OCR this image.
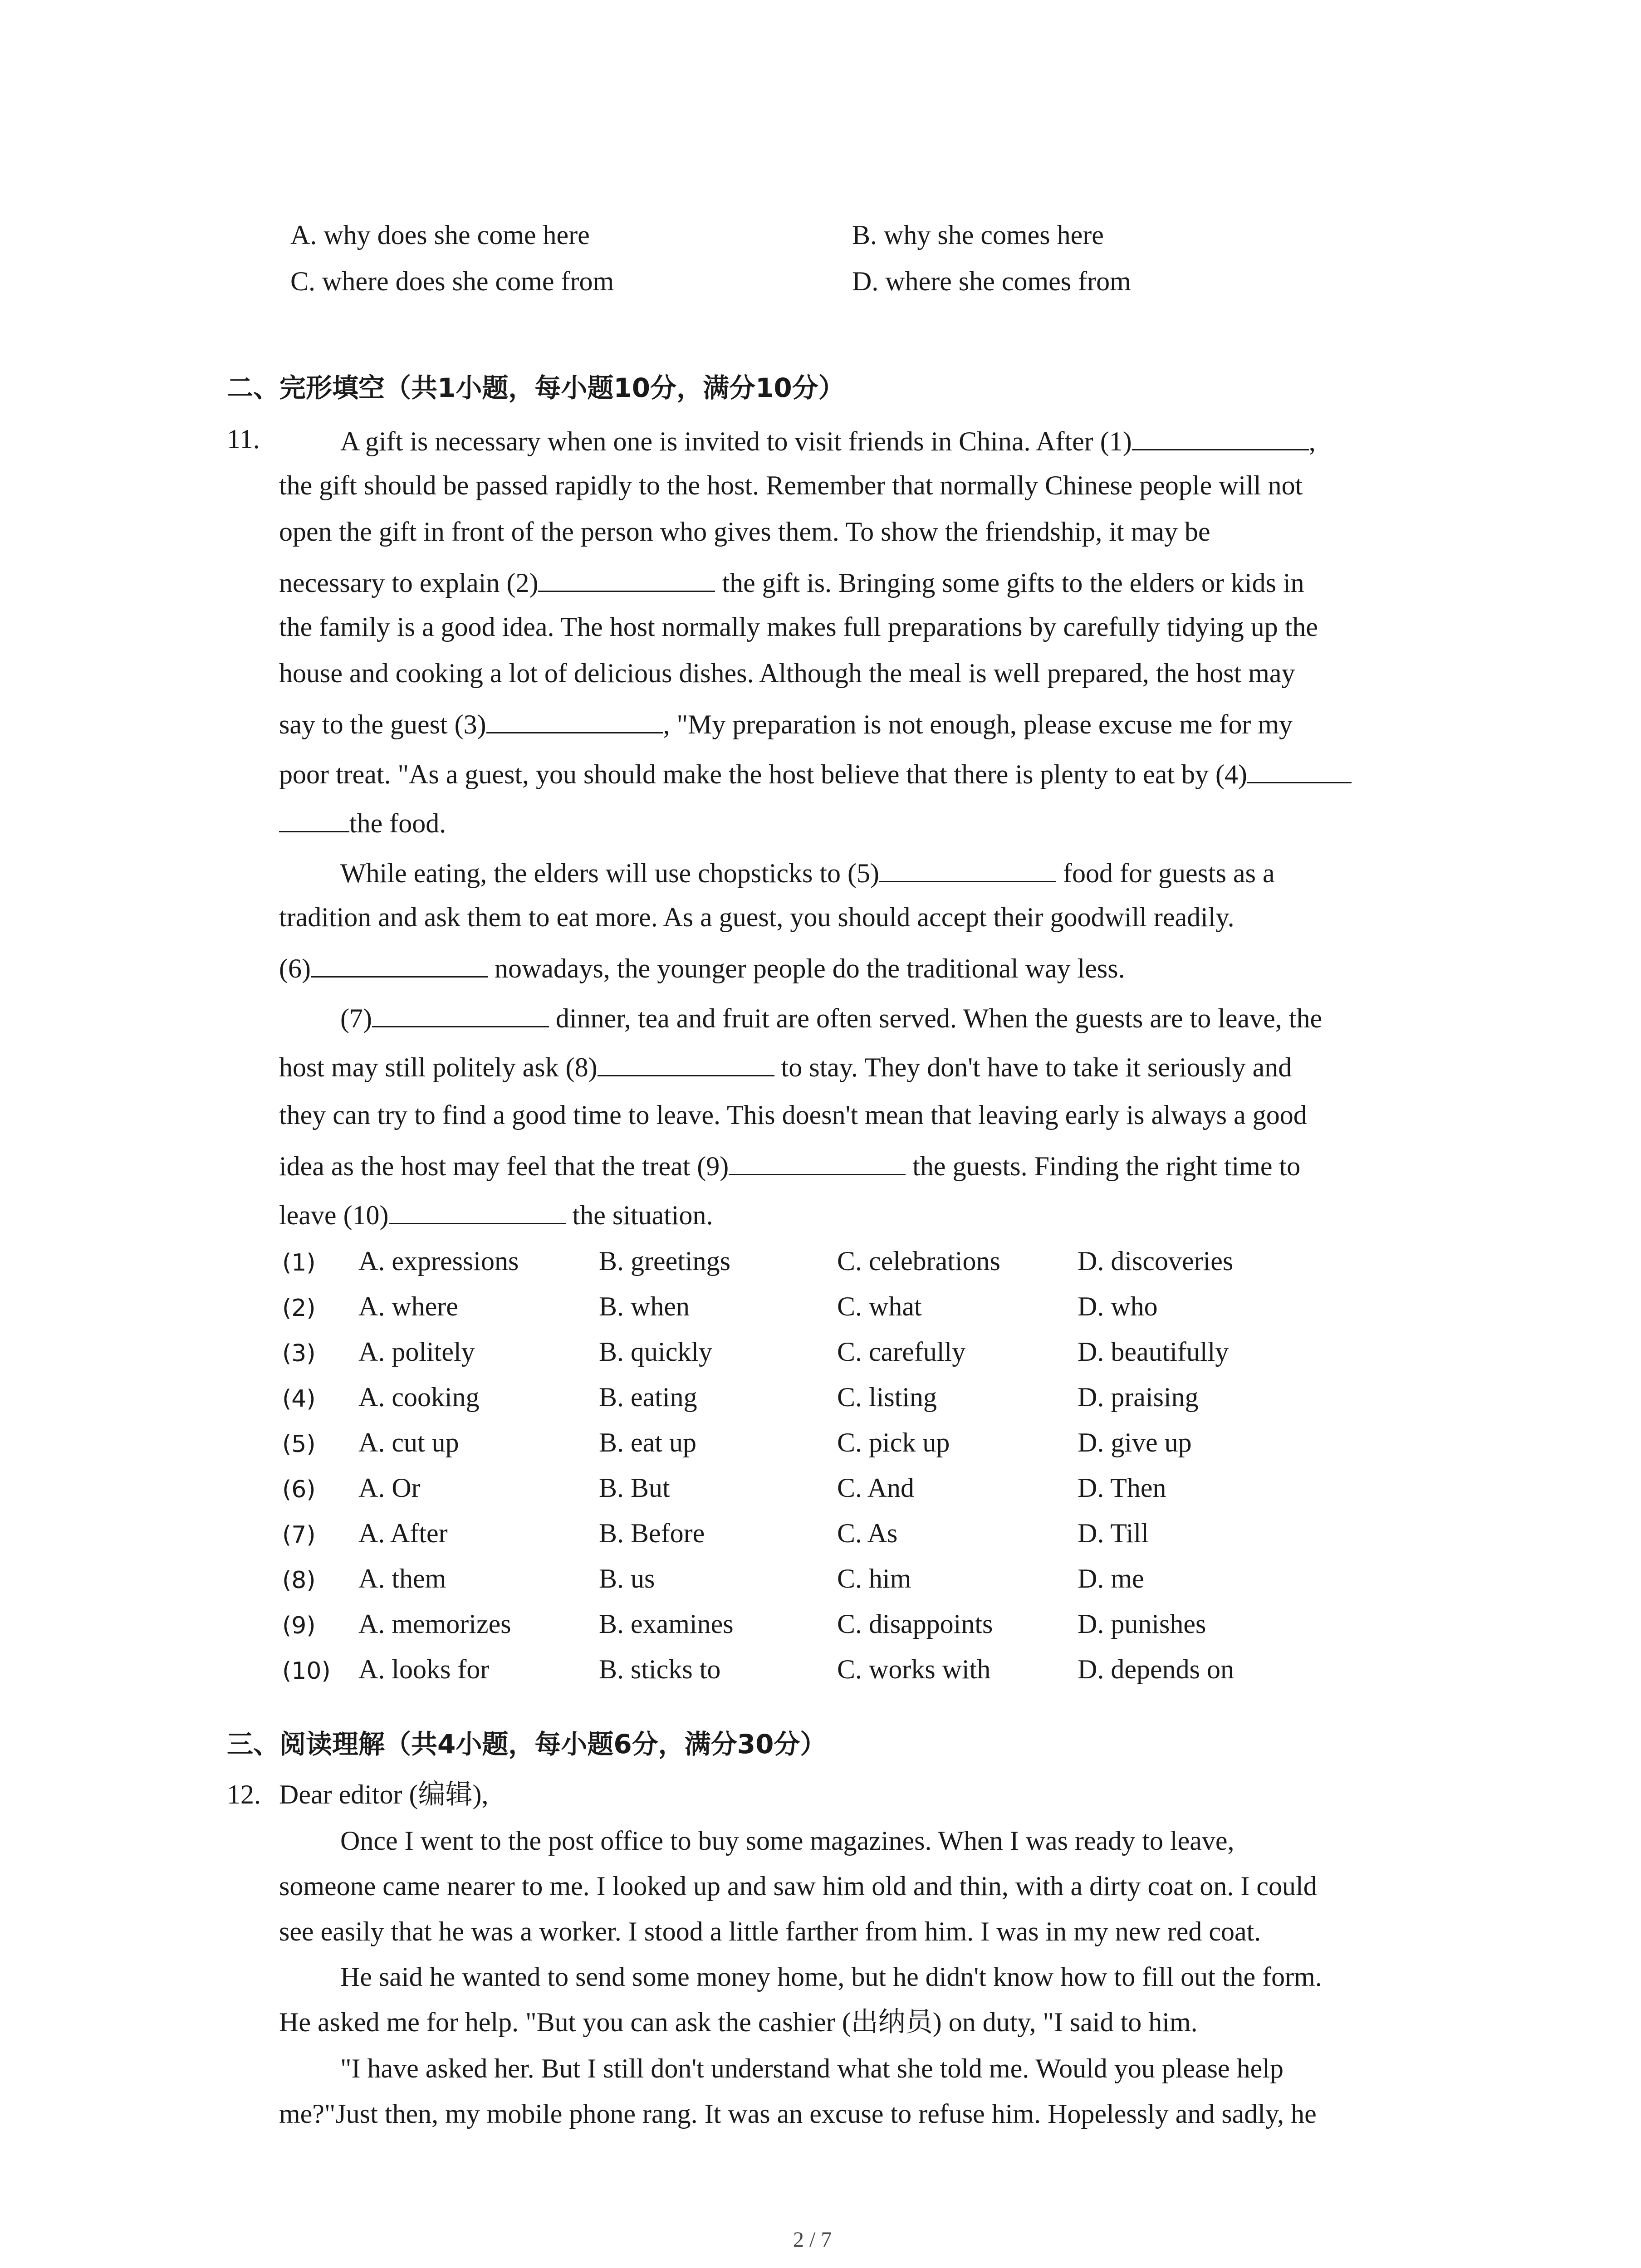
A. why does she come here	B. why she comes here
C. where does she come from	D. where she comes from
二、完形填空（共1小题，每小题10分，满分10分）
11.	A gift is necessary when one is invited to visit friends in China. After (1)	,
the gift should be passed rapidly to the host. Remember that normally Chinese people will not
open the gift in front of the person who gives them. To show the friendship, it may be
necessary to explain (2)	the gift is. Bringing some gifts to the elders or kids in
the family is a good idea. The host normally makes full preparations by carefully tidying up the
house and cooking a lot of delicious dishes. Although the meal is well prepared, the host may
say to the guest (3)	, "My preparation is not enough, please excuse me for my
poor treat. "As a guest, you should make the host believe that there is plenty to eat by (4)
the food.
While eating, the elders will use chopsticks to (5)	food for guests as a
tradition and ask them to eat more. As a guest, you should accept their goodwill readily.
(6)	nowadays, the younger people do the traditional way less.
(7)	dinner, tea and fruit are often served. When the guests are to leave, the
host may still politely ask (8)	to stay. They don't have to take it seriously and
they can try to find a good time to leave. This doesn't mean that leaving early is always a good
idea as the host may feel that the treat (9)	the guests. Finding the right time to
leave (10)	the situation.
(1) A. expressions	B. greetings	C. celebrations	D. discoveries
(2) A. where	B. when	C. what	D. who
(3) A. politely	B. quickly	C. carefully	D. beautifully
(4) A. cooking	B. eating	C. listing	D. praising
(5) A. cut up	B. eat up	C. pick up	D. give up
(6) A. Or	B. But	C. And	D. Then
(7) A. After	B. Before	C. As	D. Till
(8) A. them	B. us	C. him	D. me
(9) A. memorizes	B. examines	C. disappoints	D. punishes
(10) A. looks for	B. sticks to	C. works with	D. depends on
三、阅读理解（共4小题，每小题6分，满分30分）
12. Dear editor (编辑),
Once I went to the post office to buy some magazines. When I was ready to leave,
someone came nearer to me. I looked up and saw him old and thin, with a dirty coat on. I could
see easily that he was a worker. I stood a little farther from him. I was in my new red coat.
He said he wanted to send some money home, but he didn't know how to fill out the form.
He asked me for help. "But you can ask the cashier (出纳员) on duty, "I said to him.
"I have asked her. But I still don't understand what she told me. Would you please help
me?"Just then, my mobile phone rang. It was an excuse to refuse him. Hopelessly and sadly, he
2 / 7
